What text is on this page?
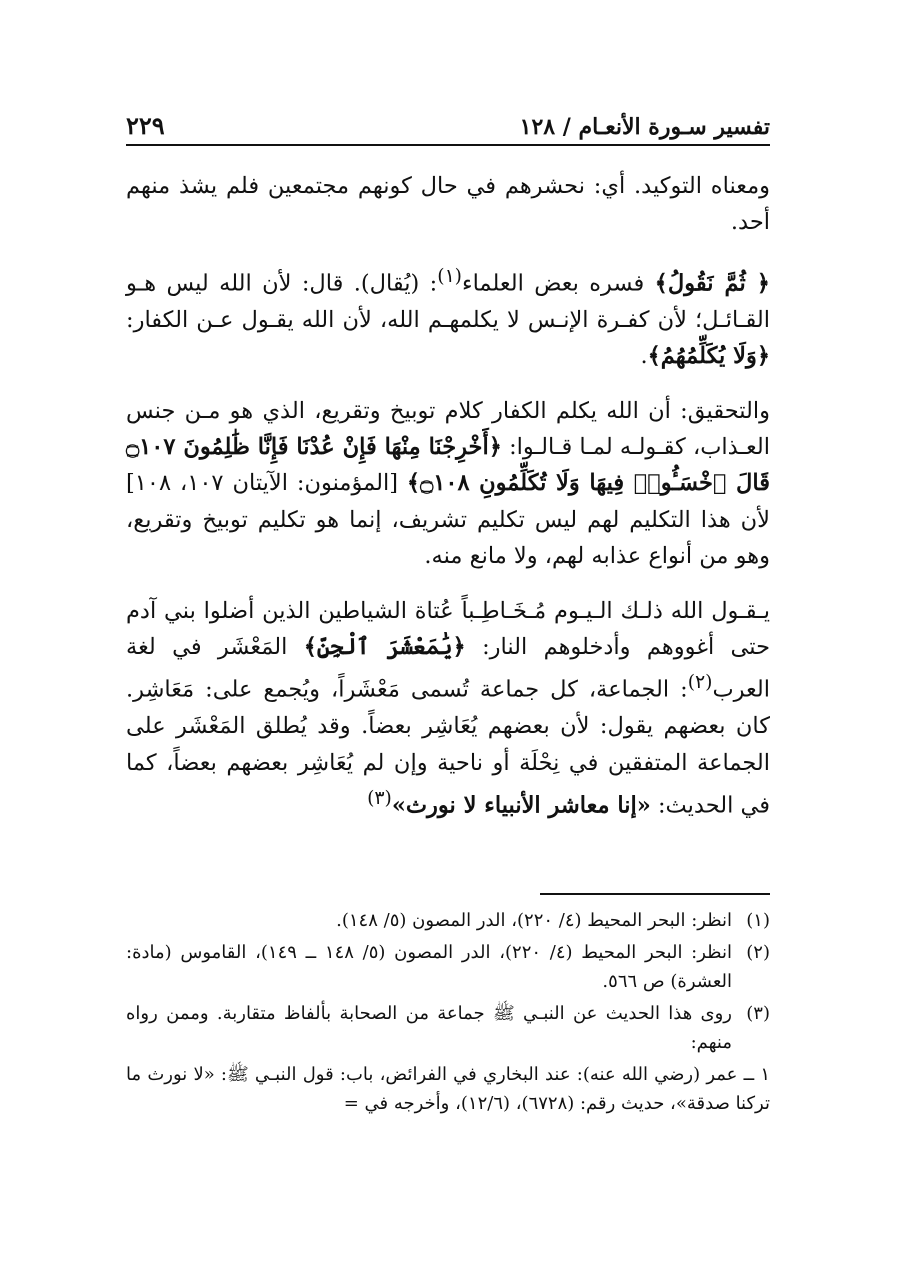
تفسير سـورة الأنعـام / ١٢٨
٢٢٩

ومعناه التوكيد. أي: نحشرهم في حال كونهم مجتمعين فلم يشذ منهم أحد.

﴿ ثُمَّ نَقُولُ﴾ فسره بعض العلماء$^{(١)}$: (يُقال). قال: لأن الله ليس هـو القـائـل؛ لأن كفـرة الإنـس لا يكلمهـم الله، لأن الله يقـول عـن الكفار: ﴿وَلَا يُكَلِّمُهُمُ﴾.

والتحقيق: أن الله يكلم الكفار كلام توبيخ وتقريع، الذي هو مـن جنس العـذاب، كقـولـه لمـا قـالـوا: ﴿أَخْرِجْنَا مِنْهَا فَإِنْ عُدْنَا فَإِنَّا ظَٰلِمُونَ ۝١٠٧ قَالَ ٱخْسَـُٔوا۟ فِيهَا وَلَا تُكَلِّمُونِ ۝١٠٨﴾ [المؤمنون: الآيتان ١٠٧، ١٠٨] لأن هذا التكليم لهم ليس تكليم تشريف، إنما هو تكليم توبيخ وتقريع، وهو من أنواع عذابه لهم، ولا مانع منه.

يـقـول الله ذلـك الـيـوم مُـخَـاطِـباً عُتاة الشياطين الذين أضلوا بني آدم حتى أغووهم وأدخلوهم النار: ﴿يَٰمَعْشَرَ ٱلْجِنِّ﴾ المَعْشَر في لغة العرب$^{(٢)}$: الجماعة، كل جماعة تُسمى مَعْشَراً، ويُجمع على: مَعَاشِر. كان بعضهم يقول: لأن بعضهم يُعَاشِر بعضاً. وقد يُطلق المَعْشَر على الجماعة المتفقين في نِحْلَة أو ناحية وإن لم يُعَاشِر بعضهم بعضاً، كما في الحديث: «إنا معاشر الأنبياء لا نورث»$^{(٣)}$

(١)
انظر: البحر المحيط (٤/ ٢٢٠)، الدر المصون (٥/ ١٤٨).
(٢)
انظر: البحر المحيط (٤/ ٢٢٠)، الدر المصون (٥/ ١٤٨ ــ ١٤٩)، القاموس (مادة: العشرة) ص ٥٦٦.
(٣)
روى هذا الحديث عن النبـي ﷺ جماعة من الصحابة بألفاظ متقاربة. وممن رواه منهم:

١ ــ عمر (رضي الله عنه): عند البخاري في الفرائض، باب: قول النبـي ﷺ: «لا نورث ما تركنا صدقة»، حديث رقم: (٦٧٢٨)، (١٢/٦)، وأخرجه في =
